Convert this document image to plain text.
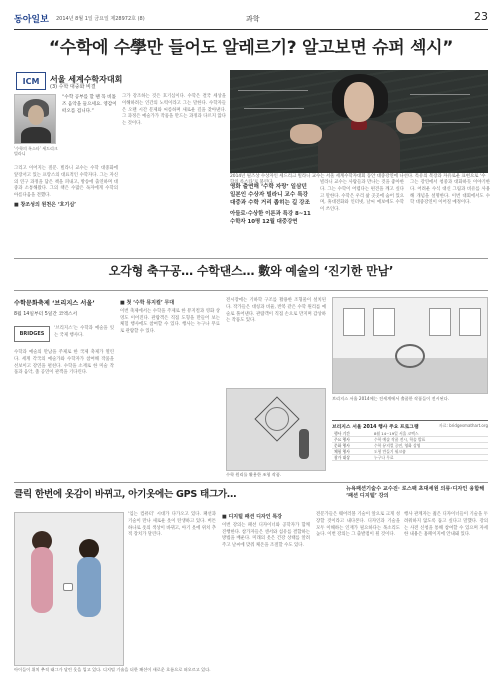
동아일보 2014년 8월 1일 금요일 제28972호 (8)	과학	23
“수학에 수學만 들어도 알레르기? 알고보면 슈퍼 섹시”
ICM	서울 세계수학자대회
(3) 수학 대중화 비결
‘수학의 록스타’ 세드리크 빌라니
“수학 공부를 할 땐 꼭 비틀즈 음악을 들으세요. 영감이 떠오를 겁니다.”
그리고 이어지는 질문. 빌라니 교수는 수학 대중화에 앞장서고 있는 프랑스의 대표적인 수학자다. 그는 자신의 연구 과정을 담은 책을 펴내고, 방송에 출연하며 대중과 소통해왔다. 그의 책은 수많은 독자에게 수학의 아름다움을 전했다.
■ 창조성의 원천은 ‘호기심’
그가 강조하는 것은 호기심이다. 수학은 결국 세상을 이해하려는 인간의 노력이라고 그는 말한다. 수학자들은 오랜 시간 문제와 씨름하며 새로운 길을 찾아낸다. 그 과정은 예술가가 작품을 만드는 과정과 다르지 않다는 것이다.
2014년 필즈상 수상자인 세드리크 빌라니 교수는 서울 세계수학자대회 동안 대중강연에 나선다. 특유의 복장과 자유로운 표현으로 ‘수학의 록스타’로 불린다.
영화 출연해 ‘수학 자랑’ 일삼던 일본인 수상자 빌라니 교수 특강 대중과 수학 거리 좁히는 길 강조
아들로·수상한 이론과 특강 8~11 수학자 10명 12월 대중강연
빌라니 교수는 사람들과 만나는 것을 좋아한다. 그는 수학이 어렵다는 편견을 깨고 싶다고 말한다. 수학은 우리 삶 곳곳에 숨어 있으며, 휴대전화와 인터넷, 날씨 예보에도 수학이 쓰인다.
그는 강연에서 청중과 대화하듯 이야기한다. 어려운 수식 대신 그림과 비유를 사용해 개념을 설명한다. 이번 대회에서도 수학 대중강연이 이어질 예정이다.
오각형 축구공… 수학댄스… 數와 예술의 ‘진기한 만남’
수학문화축제 ‘브리지스 서울’
8월 14일부터 5일간 코엑스서
BRIDGES
‘브리지스’는 수학과 예술을 잇는 국제 행사다.
수학과 예술의 만남을 주제로 한 국제 축제가 열린다. 세계 각국의 예술가와 수학자가 참여해 작품을 선보이고 강연을 펼친다. 수학을 소재로 한 미술 작품과 음악, 춤 공연이 관객을 기다린다.
■ 첫 ‘수학 뮤지컬’ 무대
이번 축제에서는 수학을 주제로 한 뮤지컬과 영화 상영도 이어진다. 관람객은 직접 도형을 만들어 보는 체험 행사에도 참여할 수 있다. 행사는 누구나 무료로 관람할 수 있다.
전시장에는 기하학 구조를 활용한 조형물이 설치된다. 작가들은 대칭과 비율, 반복 같은 수학 원리를 예술로 풀어낸다. 관람객이 직접 손으로 만지며 감상하는 작품도 있다.
브리지스 서울 2014에는 전세계에서 출품한 작품들이 전시된다.
수학 원리를 활용한 조형 작품.
브리지스 서울 2014 행사 주요 프로그램	자료: bridgesmathart.org
행사 기간	8월 14~19일 서울 코엑스
주요 행사	수학 예술 작품 전시, 학술 발표
문화 행사	수학 뮤지컬 공연, 영화 상영
체험 행사	도형 만들기 워크숍
참가 대상	누구나 무료
클릭 한번에 옷감이 바뀌고, 아기옷에는 GPS 태그가…	뉴욕패션기술수 교수진· 로스팩 초대세원 의류·디자인 융합해 ‘패션 디지털’ 강의
아이들이 위치 추적 태그가 달린 옷을 입고 있다. 디지털 기술을 더한 패션이 새로운 흐름으로 떠오르고 있다.
‘입는 컴퓨터’ 시대가 다가오고 있다. 패션과 기술이 만나 새로운 옷이 탄생하고 있다. 버튼 하나로 옷의 색상이 바뀌고, 아기 옷에 위치 추적 장치가 달린다.
■ 디지털 패션 디자인 특강
이번 강의는 패션 디자이너와 공학자가 함께 진행한다. 참가자들은 센서와 섬유를 결합하는 방법을 배운다. 미래의 옷은 건강 상태를 알려주고 날씨에 맞춰 체온을 조절할 수도 있다.
전문가들은 웨어러블 기술이 앞으로 크게 성장할 것이라고 내다본다. 디자인과 기술을 모두 이해하는 인재가 필요하다는 목소리도 높다. 이번 강의는 그 출발점이 될 것이다.
행사 관계자는 젊은 디자이너들이 기술을 두려워하지 않도록 돕고 싶다고 말했다. 강의는 사전 신청을 통해 참여할 수 있으며 자세한 내용은 홈페이지에 안내돼 있다.
